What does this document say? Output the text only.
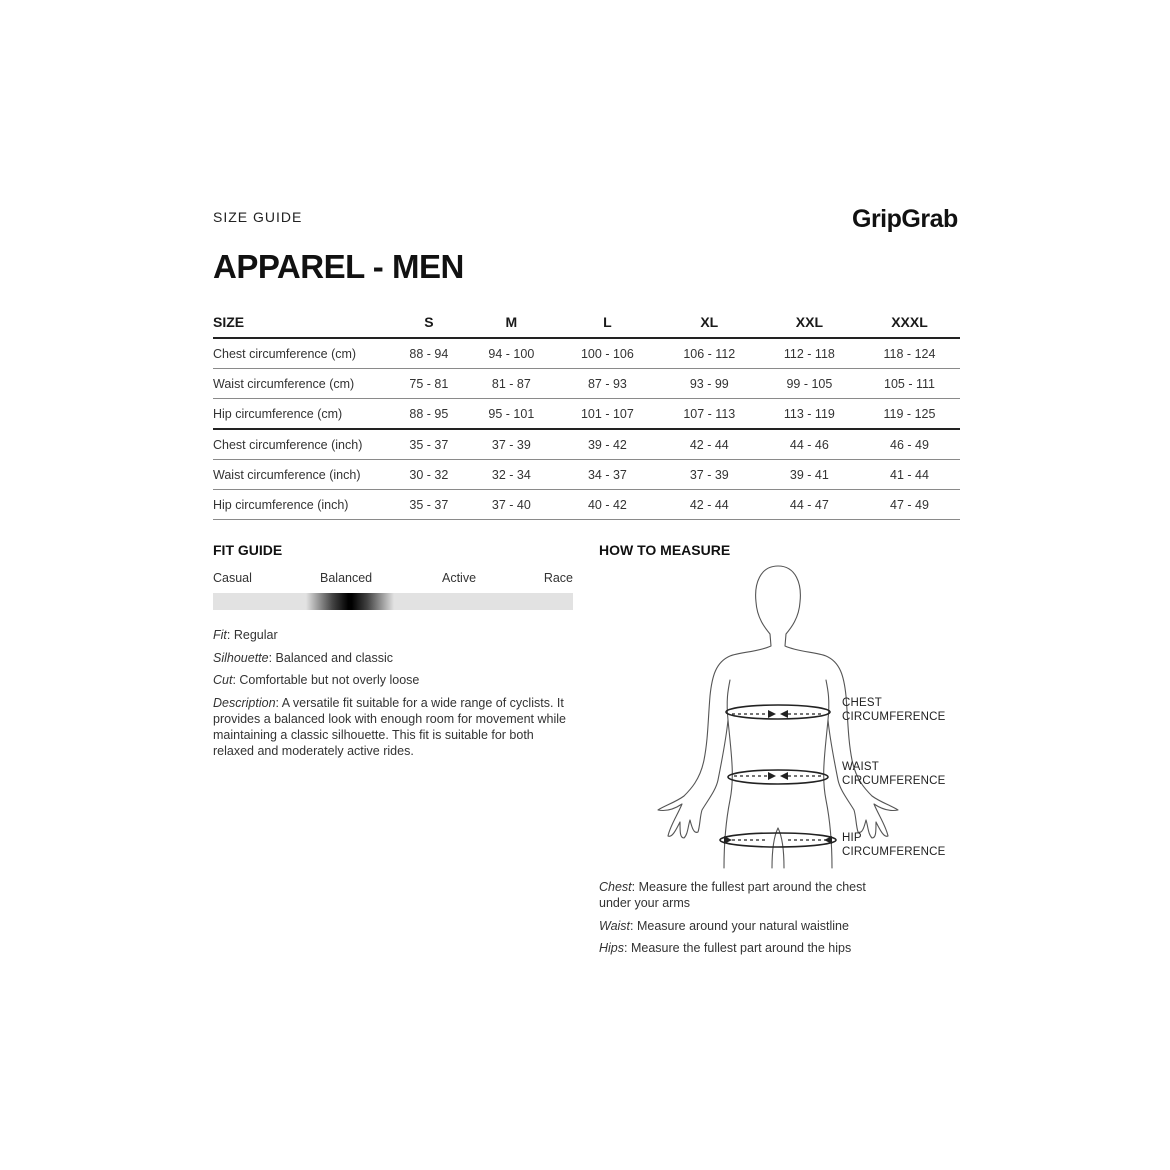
SIZE GUIDE	GripGrab
APPAREL - MEN
SIZE	S	M	L	XL	XXL	XXXL
Chest circumference (cm)	88 - 94	94 - 100	100 - 106	106 - 112	112 - 118	118 - 124
Waist circumference (cm)	75 - 81	81 - 87	87 - 93	93 - 99	99 - 105	105 - 111
Hip circumference (cm)	88 - 95	95 - 101	101 - 107	107 - 113	113 - 119	119 - 125
Chest circumference (inch)	35 - 37	37 - 39	39 - 42	42 - 44	44 - 46	46 - 49
Waist circumference (inch)	30 - 32	32 - 34	34 - 37	37 - 39	39 - 41	41 - 44
Hip circumference (inch)	35 - 37	37 - 40	40 - 42	42 - 44	44 - 47	47 - 49
FIT GUIDE
Casual	Balanced	Active	Race

Fit: Regular

Silhouette: Balanced and classic

Cut: Comfortable but not overly loose

Description: A versatile fit suitable for a wide range of cyclists. It provides a balanced look with enough room for movement while maintaining a classic silhouette. This fit is suitable for both relaxed and moderately active rides.

HOW TO MEASURE
CHEST
CIRCUMFERENCE
WAIST
CIRCUMFERENCE
HIP
CIRCUMFERENCE

Chest: Measure the fullest part around the chest under your arms

Waist: Measure around your natural waistline

Hips: Measure the fullest part around the hips
